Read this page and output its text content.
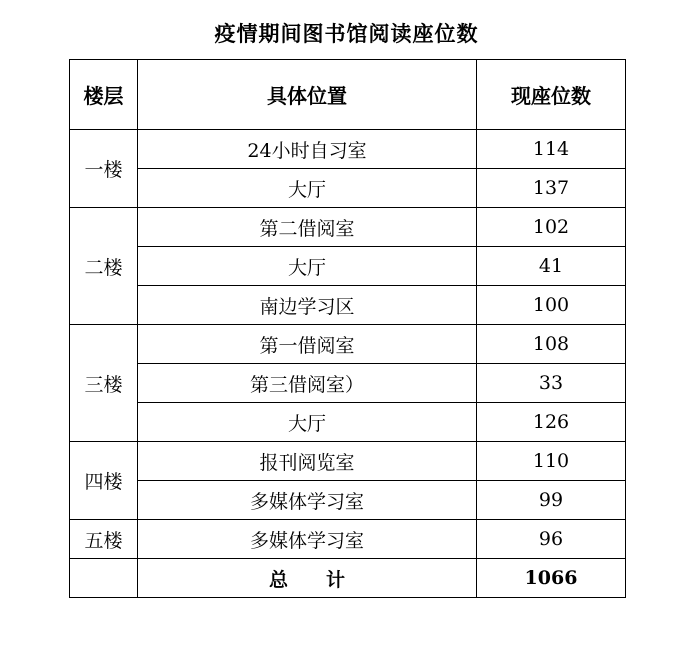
疫情期间图书馆阅读座位数
楼层	具体位置	现座位数
一楼	24小时自习室	114
	大厅	137
二楼	第二借阅室	102
	大厅	41
	南边学习区	100
三楼	第一借阅室	108
	第三借阅室）	33
	大厅	126
四楼	报刊阅览室	110
	多媒体学习室	99
五楼	多媒体学习室	96
	总计	1066
